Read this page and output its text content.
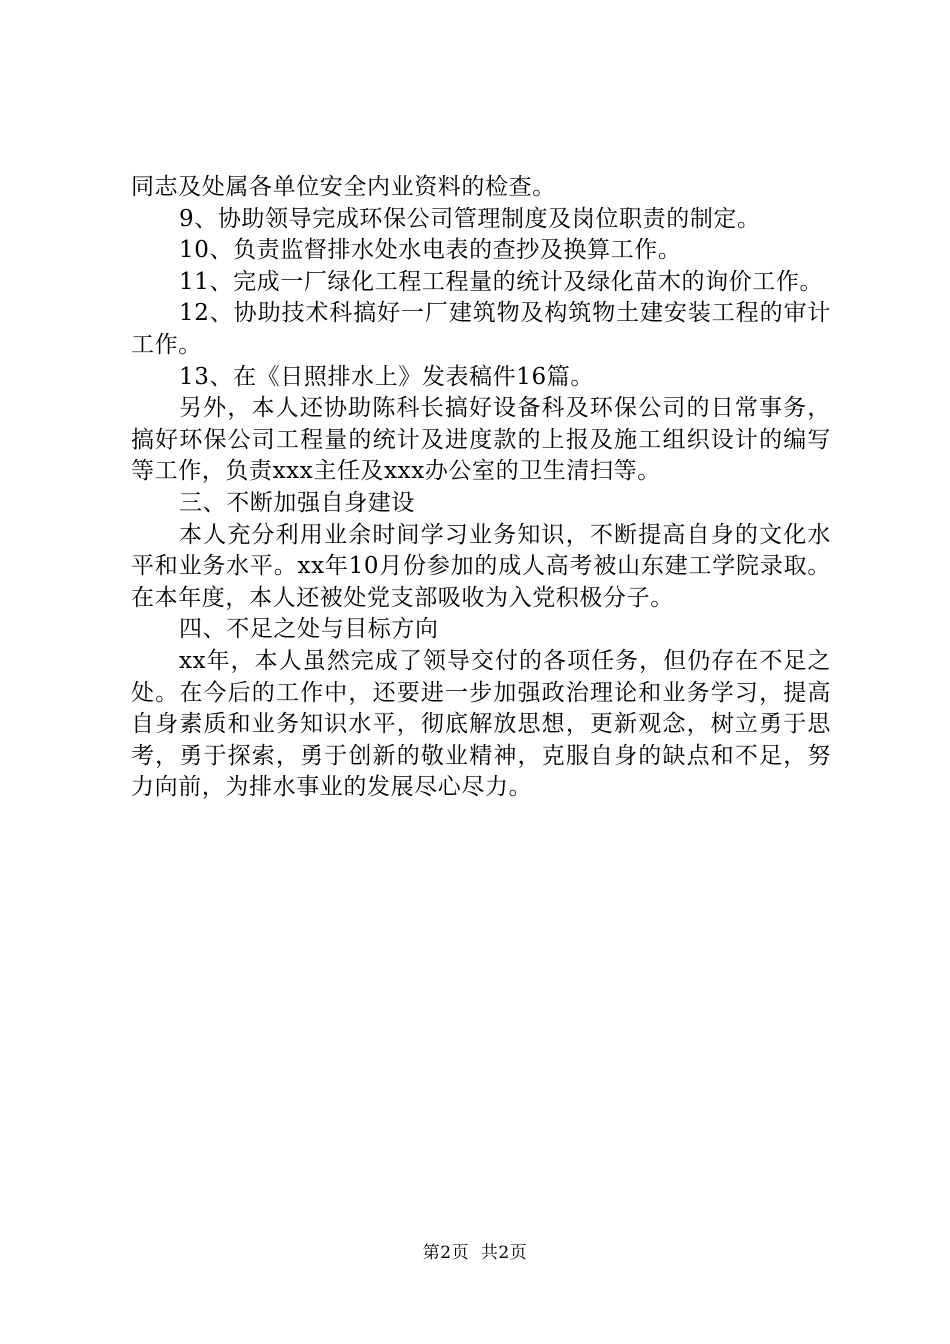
同志及处属各单位安全内业资料的检查。

9、协助领导完成环保公司管理制度及岗位职责的制定。

10、负责监督排水处水电表的查抄及换算工作。

11、完成一厂绿化工程工程量的统计及绿化苗木的询价工作。

12、协助技术科搞好一厂建筑物及构筑物土建安装工程的审计工作。

13、在《日照排水上》发表稿件16篇。

另外，本人还协助陈科长搞好设备科及环保公司的日常事务，搞好环保公司工程量的统计及进度款的上报及施工组织设计的编写等工作，负责xxx主任及xxx办公室的卫生清扫等。

三、不断加强自身建设

本人充分利用业余时间学习业务知识，不断提高自身的文化水平和业务水平。xx年10月份参加的成人高考被山东建工学院录取。在本年度，本人还被处党支部吸收为入党积极分子。

四、不足之处与目标方向

xx年，本人虽然完成了领导交付的各项任务，但仍存在不足之处。在今后的工作中，还要进一步加强政治理论和业务学习，提高自身素质和业务知识水平，彻底解放思想，更新观念，树立勇于思考，勇于探索，勇于创新的敬业精神，克服自身的缺点和不足，努力向前，为排水事业的发展尽心尽力。

第2页  共2页
